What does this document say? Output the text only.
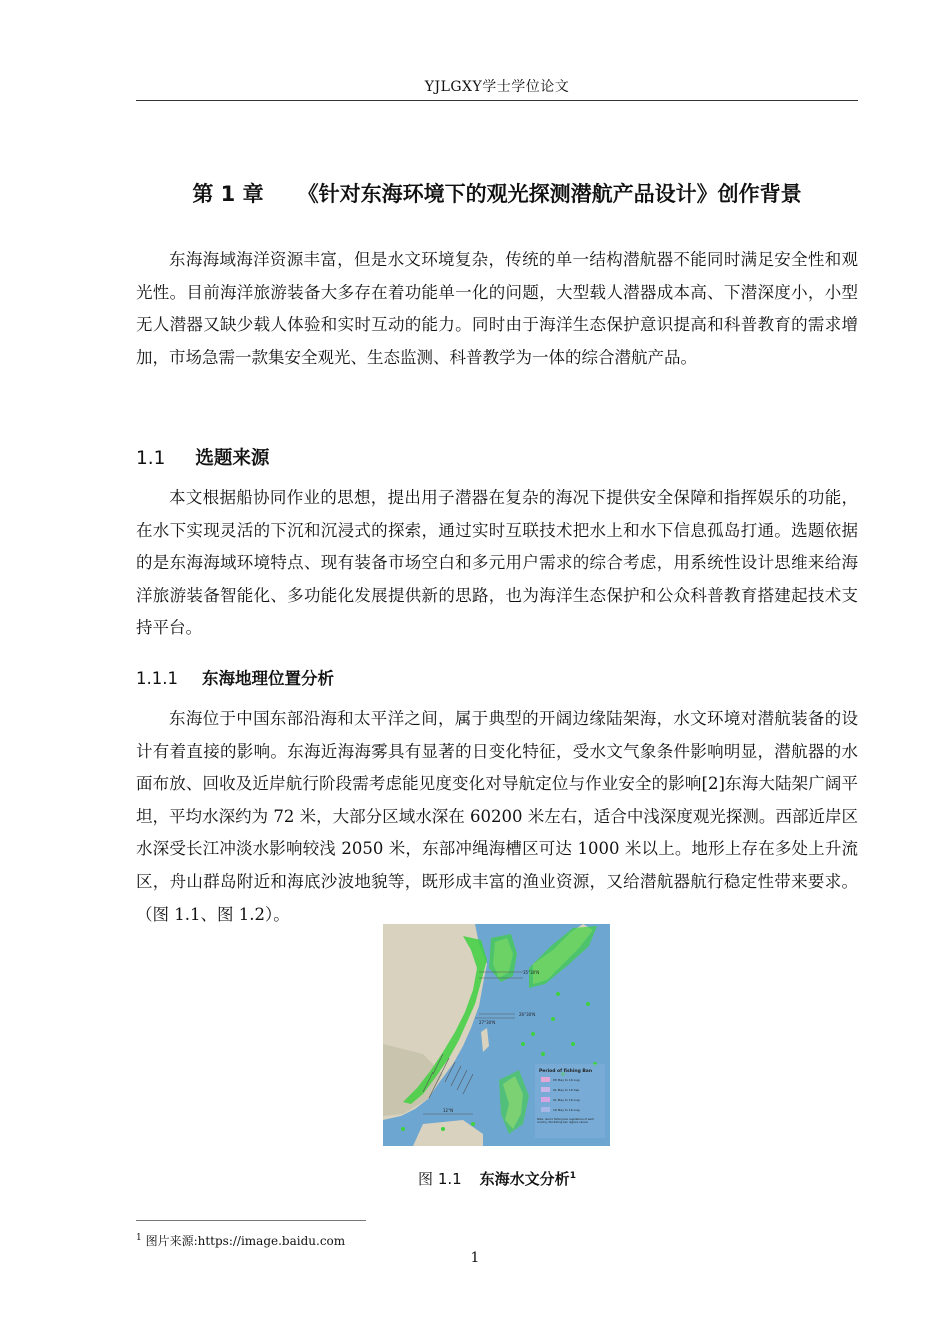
YJLGXY学士学位论文
第 1 章 《针对东海环境下的观光探测潜航产品设计》创作背景

东海海域海洋资源丰富，但是水文环境复杂，传统的单一结构潜航器不能同时满足安全性和观光性。目前海洋旅游装备大多存在着功能单一化的问题，大型载人潜器成本高、下潜深度小，小型无人潜器又缺少载人体验和实时互动的能力。同时由于海洋生态保护意识提高和科普教育的需求增加，市场急需一款集安全观光、生态监测、科普教学为一体的综合潜航产品。

1.1 选题来源

本文根据船协同作业的思想，提出用子潜器在复杂的海况下提供安全保障和指挥娱乐的功能，在水下实现灵活的下沉和沉浸式的探索，通过实时互联技术把水上和水下信息孤岛打通。选题依据的是东海海域环境特点、现有装备市场空白和多元用户需求的综合考虑，用系统性设计思维来给海洋旅游装备智能化、多功能化发展提供新的思路，也为海洋生态保护和公众科普教育搭建起技术支持平台。

1.1.1 东海地理位置分析

东海位于中国东部沿海和太平洋之间，属于典型的开阔边缘陆架海，水文环境对潜航装备的设计有着直接的影响。东海近海海雾具有显著的日变化特征，受水文气象条件影响明显，潜航器的水面布放、回收及近岸航行阶段需考虑能见度变化对导航定位与作业安全的影响[2]东海大陆架广阔平坦，平均水深约为 72 米，大部分区域水深在 60200 米左右，适合中浅深度观光探测。西部近岸区水深受长江冲淡水影响较浅 2050 米，东部冲绳海槽区可达 1000 米以上。地形上存在多处上升流区，舟山群岛附近和海底沙波地貌等，既形成丰富的渔业资源，又给潜航器航行稳定性带来要求。（图 1.1、图 1.2）。

35°30'N
26°30'N
27°30'N
12°N
Period of fishing Ban
05 May to 16 Aug
01 May to 16 Sep
01 May to 16 Aug
16 May to 16 Aug
Note: due to fishing ban regulations of each country, the fishing ban regions varied.
图 1.1 东海水文分析$^1$
$^1$ 图片来源:https://image.baidu.com
1
